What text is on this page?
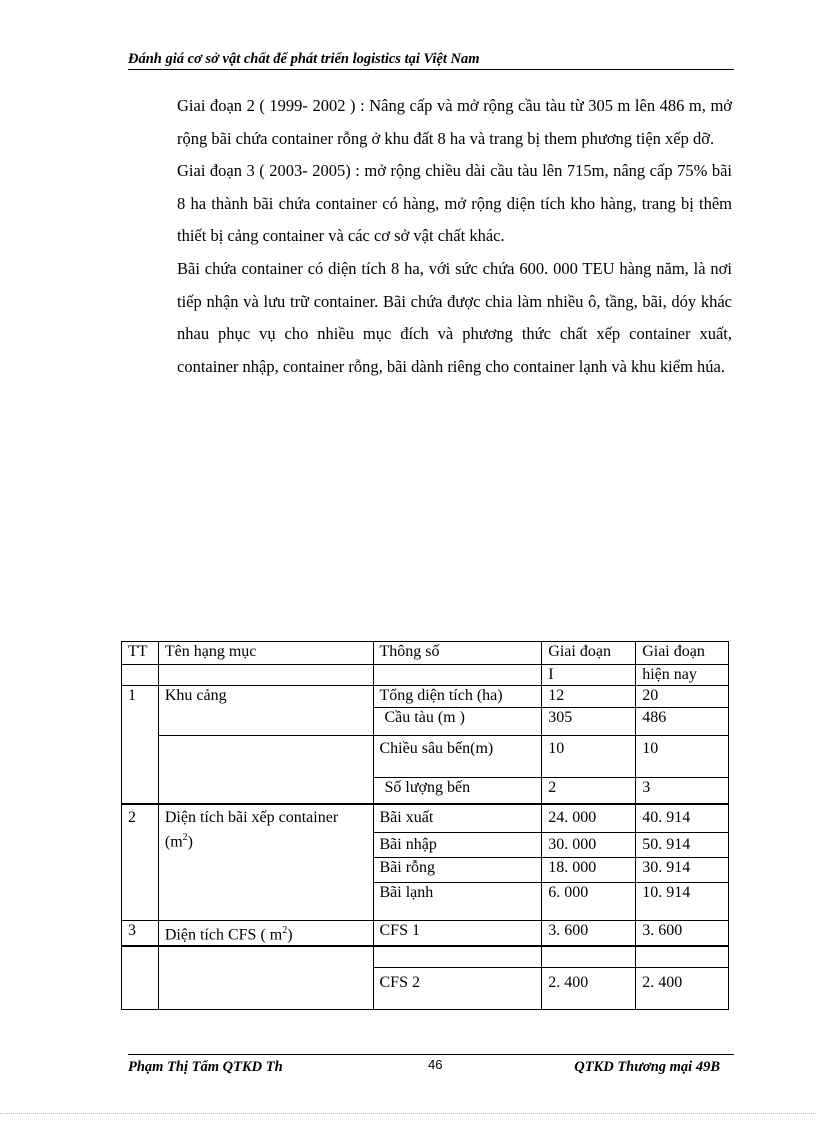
Đánh giá cơ sở vật chất để phát triển logistics tại Việt Nam

Giai đoạn 2 ( 1999- 2002 ) : Nâng cấp và mở rộng cầu tàu từ 305 m lên 486 m, mở rộng bãi chứa container rỗng ở khu đất 8 ha và trang bị them phương tiện xếp dỡ.

Giai đoạn 3 ( 2003- 2005) : mở rộng chiều dài cầu tàu lên 715m, nâng cấp 75% bãi 8 ha thành bãi chứa container có hàng, mở rộng diện tích kho hàng, trang bị thêm thiết bị cảng container và các cơ sở vật chất khác.

Bãi chứa container có diện tích 8 ha, với sức chứa 600. 000 TEU hàng năm, là nơi tiếp nhận và lưu trữ container. Bãi chứa được chia làm nhiều ô, tầng, bãi, dóy khác nhau phục vụ cho nhiều mục đích và phương thức chất xếp container xuất, container nhập, container rỗng, bãi dành riêng cho container lạnh và khu kiểm húa.

TT	Tên hạng mục	Thông số	Giai đoạn	Giai đoạn
			I	hiện nay
1	Khu cảng	Tổng diện tích (ha)	12	20
		Cầu tàu (m )	305	486
		Chiều sâu bến(m)	10	10
		Số lượng bến	2	3
2	Diện tích bãi xếp container $(m^2)$	Bãi xuất	24. 000	40. 914
		Bãi nhập	30. 000	50. 914
		Bãi rỗng	18. 000	30. 914
		Bãi lạnh	6. 000	10. 914
3	Diện tích CFS ( $m^2$)	CFS 1	3. 600	3. 600

		CFS 2	2. 400	2. 400
Phạm Thị Tấm QTKD Th	46	QTKD Thương mại 49B
